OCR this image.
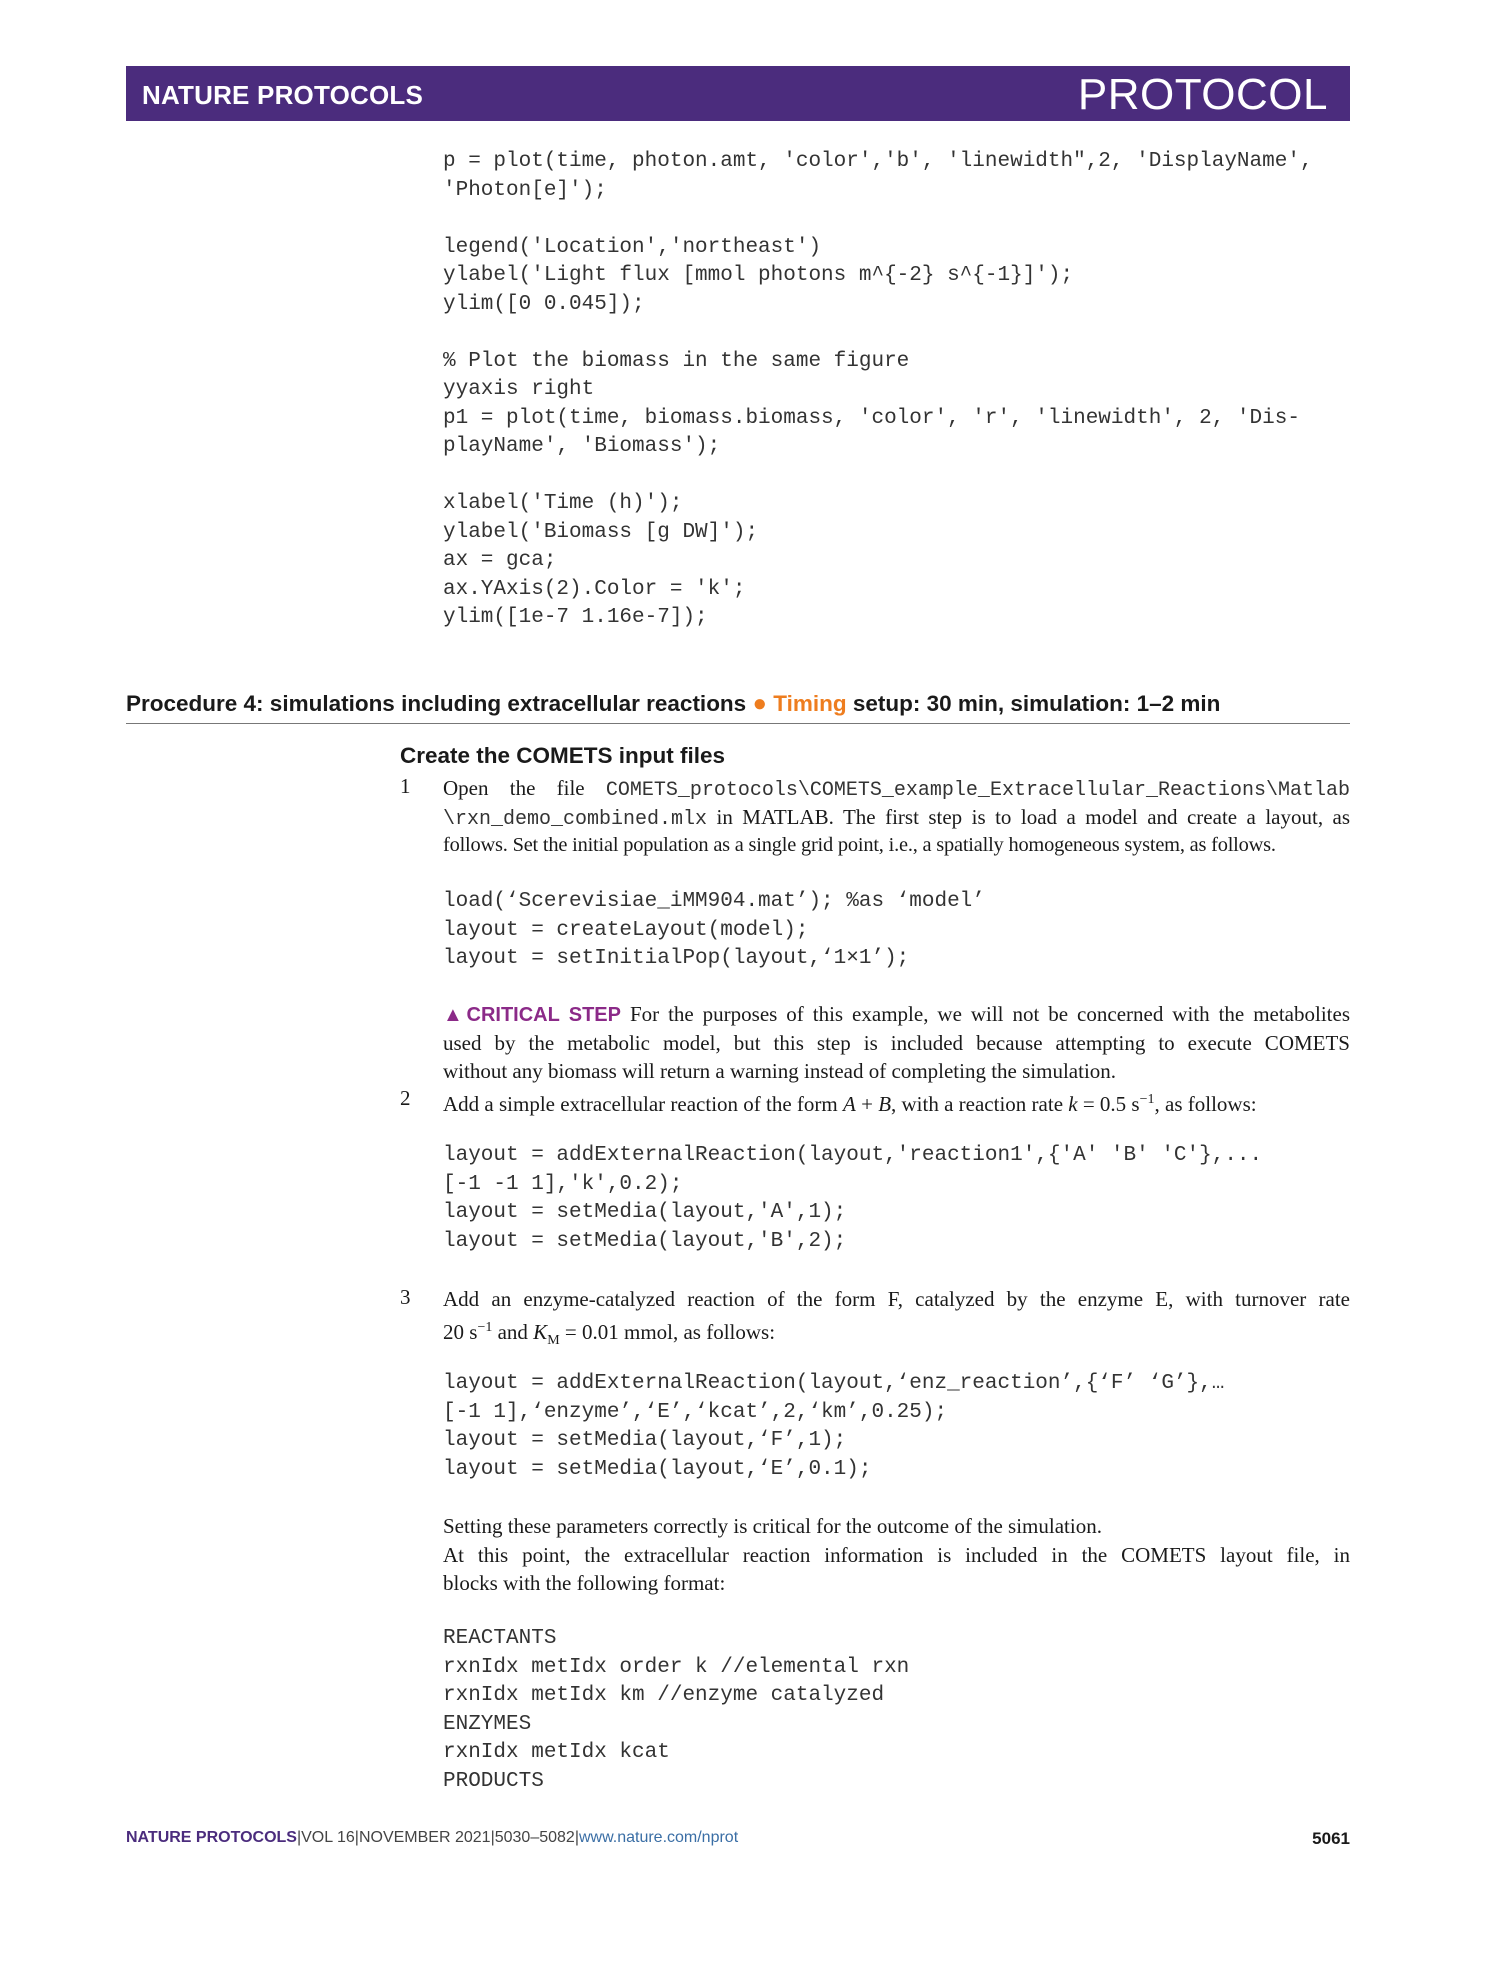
NATURE PROTOCOLS	PROTOCOL
p = plot(time, photon.amt, 'color','b', 'linewidth",2, 'DisplayName',
'Photon[e]');
legend('Location','northeast')
ylabel('Light flux [mmol photons m^{-2} s^{-1}]');
ylim([0 0.045]);
% Plot the biomass in the same figure
yyaxis right
p1 = plot(time, biomass.biomass, 'color', 'r', 'linewidth', 2, 'Dis-
playName', 'Biomass');
xlabel('Time (h)');
ylabel('Biomass [g DW]');
ax = gca;
ax.YAxis(2).Color = 'k';
ylim([1e-7 1.16e-7]);
Procedure 4: simulations including extracellular reactions ● Timing setup: 30 min, simulation: 1–2 min
Create the COMETS input files
1 Open the file COMETS_protocols\COMETS_example_Extracellular_Reactions\Matlab
\rxn_demo_combined.mlx in MATLAB. The first step is to load a model and create a layout, as
follows. Set the initial population as a single grid point, i.e., a spatially homogeneous system, as follows.
load(‘Scerevisiae_iMM904.mat’); %as ‘model’
layout = createLayout(model);
layout = setInitialPop(layout,‘1×1’);
▲CRITICAL STEP For the purposes of this example, we will not be concerned with the metabolites
used by the metabolic model, but this step is included because attempting to execute COMETS
without any biomass will return a warning instead of completing the simulation.
2 Add a simple extracellular reaction of the form A + B, with a reaction rate k = 0.5 $s^{-1}$, as follows:
layout = addExternalReaction(layout,'reaction1',{'A' 'B' 'C'},...
[-1 -1 1],'k',0.2);
layout = setMedia(layout,'A',1);
layout = setMedia(layout,'B',2);
3 Add an enzyme-catalyzed reaction of the form F, catalyzed by the enzyme E, with turnover rate
20 $s^{-1}$ and $K_M = 0.01$ mmol, as follows:
layout = addExternalReaction(layout,‘enz_reaction’,{‘F’ ‘G’},…
[-1 1],‘enzyme’,‘E’,‘kcat’,2,‘km’,0.25);
layout = setMedia(layout,‘F’,1);
layout = setMedia(layout,‘E’,0.1);
Setting these parameters correctly is critical for the outcome of the simulation.
At this point, the extracellular reaction information is included in the COMETS layout file, in
blocks with the following format:
REACTANTS
rxnIdx metIdx order k //elemental rxn
rxnIdx metIdx km //enzyme catalyzed
ENZYMES
rxnIdx metIdx kcat
PRODUCTS
NATURE PROTOCOLS|VOL 16|NOVEMBER 2021|5030–5082|www.nature.com/nprot	5061
